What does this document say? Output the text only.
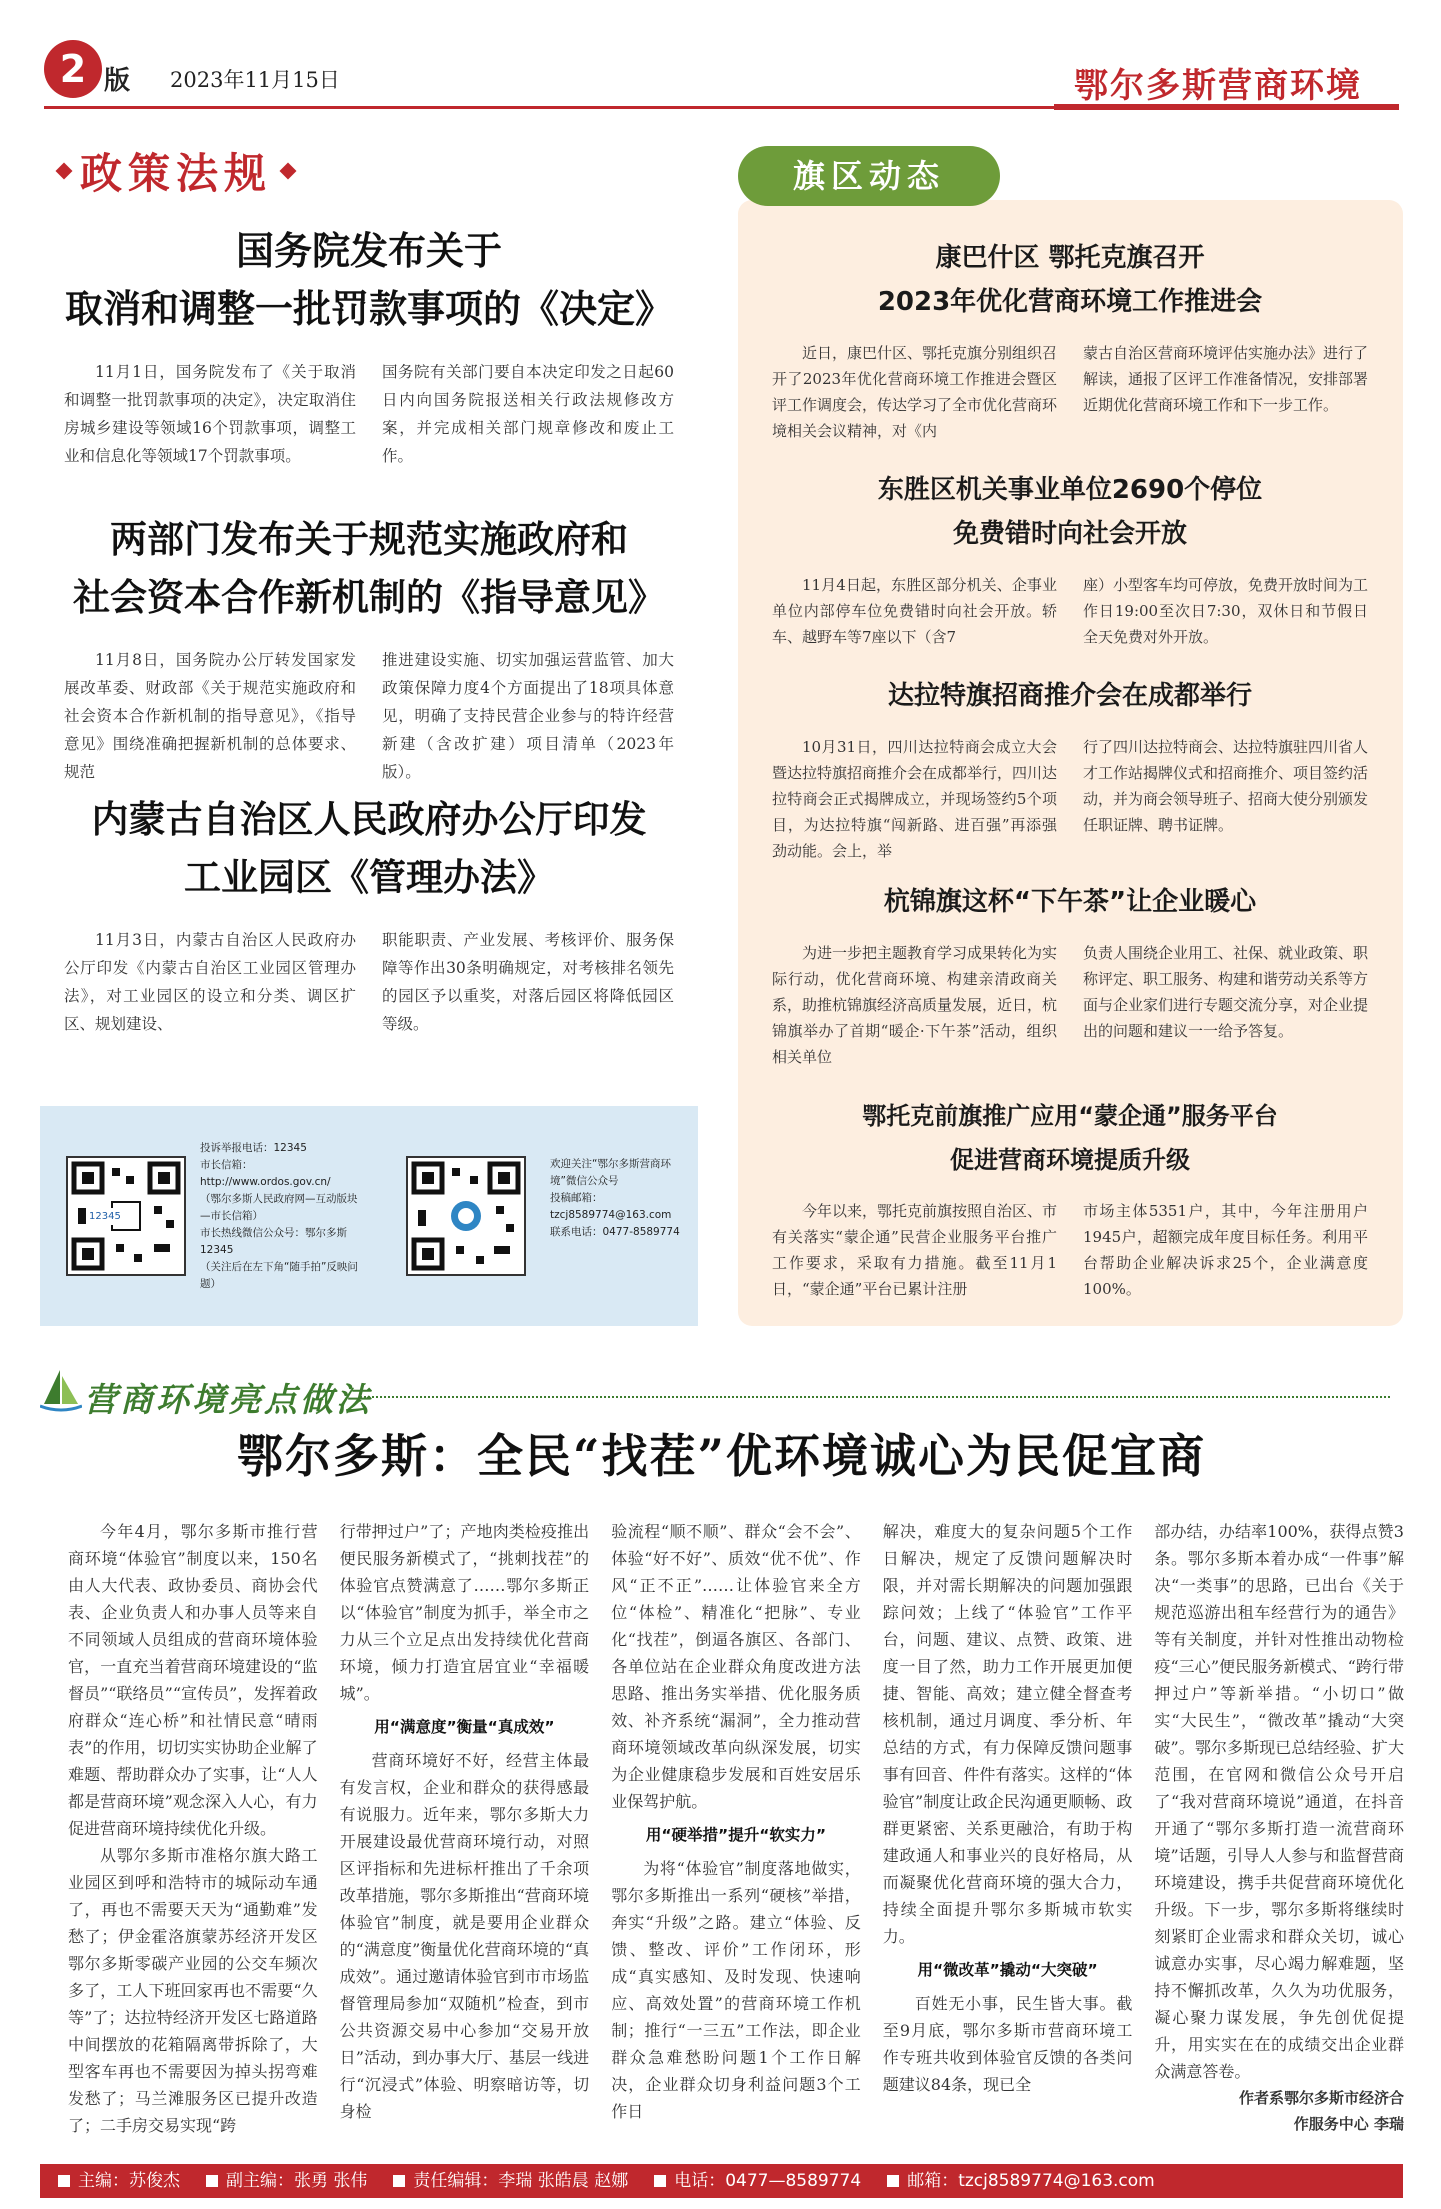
2 版 2023年11月15日	鄂尔多斯营商环境
政策法规	旗区动态
国务院发布关于
取消和调整一批罚款事项的《决定》
11月1日，国务院发布了《关于取消和调整一批罚款事项的决定》，决定取消住房城乡建设等领域16个罚款事项，调整工业和信息化等领域17个罚款事项。
国务院有关部门要自本决定印发之日起60日内向国务院报送相关行政法规修改方案，并完成相关部门规章修改和废止工作。
两部门发布关于规范实施政府和
社会资本合作新机制的《指导意见》
11月8日，国务院办公厅转发国家发展改革委、财政部《关于规范实施政府和社会资本合作新机制的指导意见》，《指导意见》围绕准确把握新机制的总体要求、规范
推进建设实施、切实加强运营监管、加大政策保障力度4个方面提出了18项具体意见，明确了支持民营企业参与的特许经营新建（含改扩建）项目清单（2023年版）。
内蒙古自治区人民政府办公厅印发
工业园区《管理办法》
11月3日，内蒙古自治区人民政府办公厅印发《内蒙古自治区工业园区管理办法》，对工业园区的设立和分类、调区扩区、规划建设、
职能职责、产业发展、考核评价、服务保障等作出30条明确规定，对考核排名领先的园区予以重奖，对落后园区将降低园区等级。
12345
投诉举报电话：12345
市长信箱：http://www.ordos.gov.cn/
（鄂尔多斯人民政府网—互动版块—市长信箱）
市长热线微信公众号：鄂尔多斯12345
（关注后在左下角“随手拍”反映问题）
欢迎关注“鄂尔多斯营商环境”微信公众号
投稿邮箱：tzcj8589774@163.com
联系电话：0477-8589774
康巴什区 鄂托克旗召开
2023年优化营商环境工作推进会
近日，康巴什区、鄂托克旗分别组织召开了2023年优化营商环境工作推进会暨区评工作调度会，传达学习了全市优化营商环境相关会议精神，对《内
蒙古自治区营商环境评估实施办法》进行了解读，通报了区评工作准备情况，安排部署近期优化营商环境工作和下一步工作。
东胜区机关事业单位2690个停位
免费错时向社会开放
11月4日起，东胜区部分机关、企事业单位内部停车位免费错时向社会开放。轿车、越野车等7座以下（含7
座）小型客车均可停放，免费开放时间为工作日19:00至次日7:30，双休日和节假日全天免费对外开放。
达拉特旗招商推介会在成都举行
10月31日，四川达拉特商会成立大会暨达拉特旗招商推介会在成都举行，四川达拉特商会正式揭牌成立，并现场签约5个项目，为达拉特旗“闯新路、进百强”再添强劲动能。会上，举
行了四川达拉特商会、达拉特旗驻四川省人才工作站揭牌仪式和招商推介、项目签约活动，并为商会领导班子、招商大使分别颁发任职证牌、聘书证牌。
杭锦旗这杯“下午茶”让企业暖心
为进一步把主题教育学习成果转化为实际行动，优化营商环境、构建亲清政商关系，助推杭锦旗经济高质量发展，近日，杭锦旗举办了首期“暖企·下午茶”活动，组织相关单位
负责人围绕企业用工、社保、就业政策、职称评定、职工服务、构建和谐劳动关系等方面与企业家们进行专题交流分享，对企业提出的问题和建议一一给予答复。
鄂托克前旗推广应用“蒙企通”服务平台
促进营商环境提质升级
今年以来，鄂托克前旗按照自治区、市有关落实“蒙企通”民营企业服务平台推广工作要求，采取有力措施。截至11月1日，“蒙企通”平台已累计注册
市场主体5351户，其中，今年注册用户1945户，超额完成年度目标任务。利用平台帮助企业解决诉求25个，企业满意度100%。
营商环境亮点做法
鄂尔多斯：全民“找茬”优环境诚心为民促宜商

今年4月，鄂尔多斯市推行营商环境“体验官”制度以来，150名由人大代表、政协委员、商协会代表、企业负责人和办事人员等来自不同领域人员组成的营商环境体验官，一直充当着营商环境建设的“监督员”“联络员”“宣传员”，发挥着政府群众“连心桥”和社情民意“晴雨表”的作用，切切实实协助企业解了难题、帮助群众办了实事，让“人人都是营商环境”观念深入人心，有力促进营商环境持续优化升级。

从鄂尔多斯市准格尔旗大路工业园区到呼和浩特市的城际动车通了，再也不需要天天为“通勤难”发愁了；伊金霍洛旗蒙苏经济开发区鄂尔多斯零碳产业园的公交车频次多了，工人下班回家再也不需要“久等”了；达拉特经济开发区七路道路中间摆放的花箱隔离带拆除了，大型客车再也不需要因为掉头拐弯难发愁了；马兰滩服务区已提升改造了；二手房交易实现“跨

行带押过户”了；产地肉类检疫推出便民服务新模式了，“挑刺找茬”的体验官点赞满意了……鄂尔多斯正以“体验官”制度为抓手，举全市之力从三个立足点出发持续优化营商环境，倾力打造宜居宜业“幸福暖城”。

用“满意度”衡量“真成效”

营商环境好不好，经营主体最有发言权，企业和群众的获得感最有说服力。近年来，鄂尔多斯大力开展建设最优营商环境行动，对照区评指标和先进标杆推出了千余项改革措施，鄂尔多斯推出“营商环境体验官”制度，就是要用企业群众的“满意度”衡量优化营商环境的“真成效”。通过邀请体验官到市市场监督管理局参加“双随机”检查，到市公共资源交易中心参加“交易开放日”活动，到办事大厅、基层一线进行“沉浸式”体验、明察暗访等，切身检

验流程“顺不顺”、群众“会不会”、体验“好不好”、质效“优不优”、作风“正不正”……让体验官来全方位“体检”、精准化“把脉”、专业化“找茬”，倒逼各旗区、各部门、各单位站在企业群众角度改进方法思路、推出务实举措、优化服务质效、补齐系统“漏洞”，全力推动营商环境领域改革向纵深发展，切实为企业健康稳步发展和百姓安居乐业保驾护航。

用“硬举措”提升“软实力”

为将“体验官”制度落地做实，鄂尔多斯推出一系列“硬核”举措，奔实“升级”之路。建立“体验、反馈、整改、评价”工作闭环，形成“真实感知、及时发现、快速响应、高效处置”的营商环境工作机制；推行“一三五”工作法，即企业群众急难愁盼问题1个工作日解决，企业群众切身利益问题3个工作日

解决，难度大的复杂问题5个工作日解决，规定了反馈问题解决时限，并对需长期解决的问题加强跟踪问效；上线了“体验官”工作平台，问题、建议、点赞、政策、进度一目了然，助力工作开展更加便捷、智能、高效；建立健全督查考核机制，通过月调度、季分析、年总结的方式，有力保障反馈问题事事有回音、件件有落实。这样的“体验官”制度让政企民沟通更顺畅、政群更紧密、关系更融洽，有助于构建政通人和事业兴的良好格局，从而凝聚优化营商环境的强大合力，持续全面提升鄂尔多斯城市软实力。

用“微改革”撬动“大突破”

百姓无小事，民生皆大事。截至9月底，鄂尔多斯市营商环境工作专班共收到体验官反馈的各类问题建议84条，现已全

部办结，办结率100%，获得点赞3条。鄂尔多斯本着办成“一件事”解决“一类事”的思路，已出台《关于规范巡游出租车经营行为的通告》等有关制度，并针对性推出动物检疫“三心”便民服务新模式、“跨行带押过户”等新举措。“小切口”做实“大民生”，“微改革”撬动“大突破”。鄂尔多斯现已总结经验、扩大范围，在官网和微信公众号开启了“我对营商环境说”通道，在抖音开通了“鄂尔多斯打造一流营商环境”话题，引导人人参与和监督营商环境建设，携手共促营商环境优化升级。下一步，鄂尔多斯将继续时刻紧盯企业需求和群众关切，诚心诚意办实事，尽心竭力解难题，坚持不懈抓改革，久久为功优服务，凝心聚力谋发展，争先创优促提升，用实实在在的成绩交出企业群众满意答卷。

作者系鄂尔多斯市经济合
作服务中心 李瑞
主编：苏俊杰	副主编：张勇 张伟	责任编辑：李瑞 张皓晨 赵娜	电话：0477—8589774	邮箱：tzcj8589774@163.com
